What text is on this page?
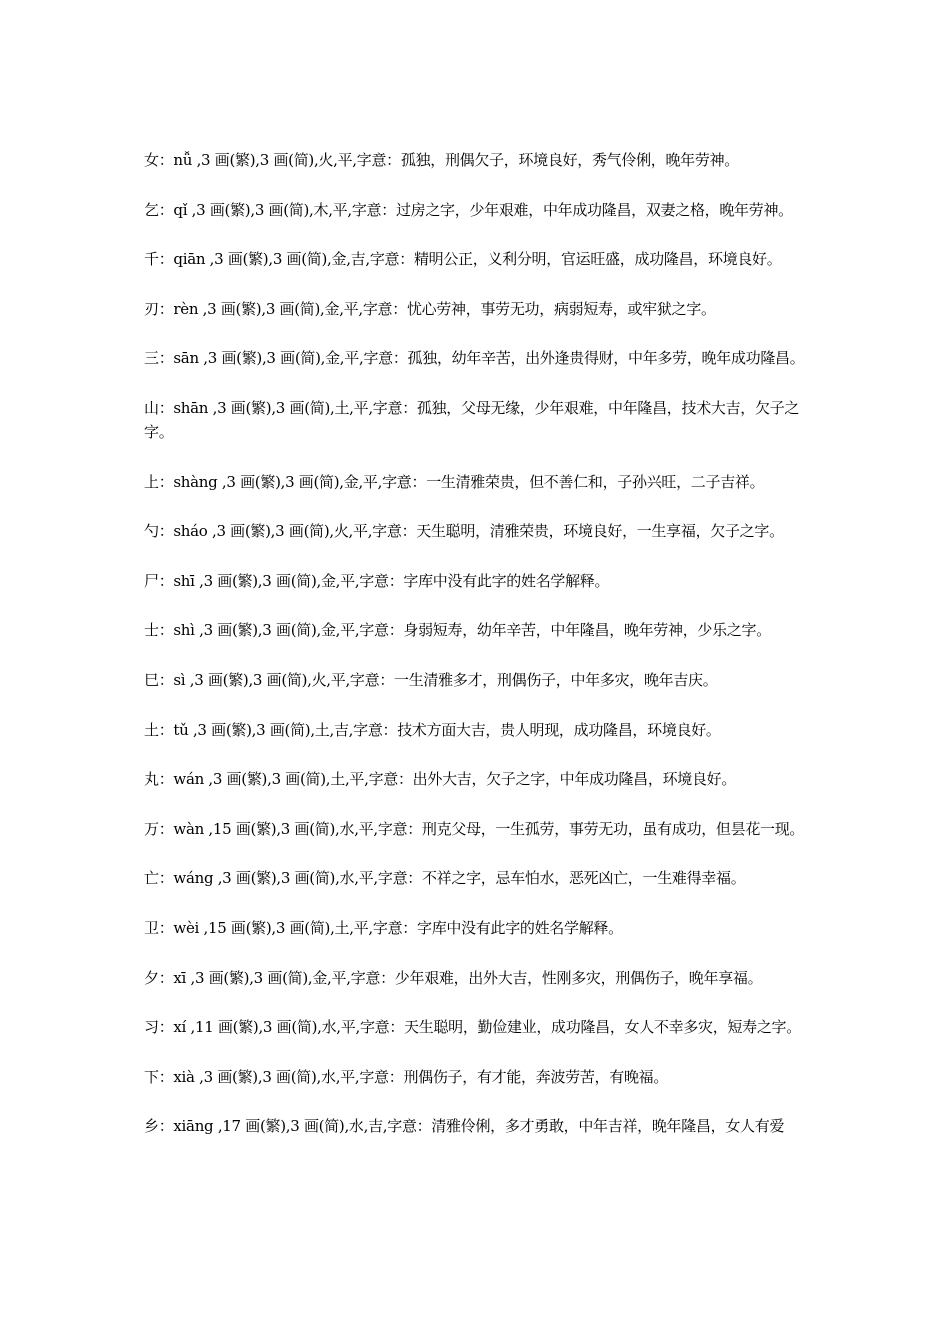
女：nǚ ,3 画(繁),3 画(简),火,平,字意：孤独，刑偶欠子，环境良好，秀气伶俐，晚年劳神。

乞：qǐ ,3 画(繁),3 画(简),木,平,字意：过房之字，少年艰难，中年成功隆昌，双妻之格，晚年劳神。

千：qiān ,3 画(繁),3 画(简),金,吉,字意：精明公正，义利分明，官运旺盛，成功隆昌，环境良好。

刃：rèn ,3 画(繁),3 画(简),金,平,字意：忧心劳神，事劳无功，病弱短寿，或牢狱之字。

三：sān ,3 画(繁),3 画(简),金,平,字意：孤独，幼年辛苦，出外逢贵得财，中年多劳，晚年成功隆昌。

山：shān ,3 画(繁),3 画(简),土,平,字意：孤独，父母无缘，少年艰难，中年隆昌，技术大吉，欠子之字。

上：shàng ,3 画(繁),3 画(简),金,平,字意：一生清雅荣贵，但不善仁和，子孙兴旺，二子吉祥。

勺：sháo ,3 画(繁),3 画(简),火,平,字意：天生聪明，清雅荣贵，环境良好，一生享福，欠子之字。

尸：shī ,3 画(繁),3 画(简),金,平,字意：字库中没有此字的姓名学解释。

士：shì ,3 画(繁),3 画(简),金,平,字意：身弱短寿，幼年辛苦，中年隆昌，晚年劳神，少乐之字。

巳：sì ,3 画(繁),3 画(简),火,平,字意：一生清雅多才，刑偶伤子，中年多灾，晚年吉庆。

土：tǔ ,3 画(繁),3 画(简),土,吉,字意：技术方面大吉，贵人明现，成功隆昌，环境良好。

丸：wán ,3 画(繁),3 画(简),土,平,字意：出外大吉，欠子之字，中年成功隆昌，环境良好。

万：wàn ,15 画(繁),3 画(简),水,平,字意：刑克父母，一生孤劳，事劳无功，虽有成功，但昙花一现。

亡：wáng ,3 画(繁),3 画(简),水,平,字意：不祥之字，忌车怕水，恶死凶亡，一生难得幸福。

卫：wèi ,15 画(繁),3 画(简),土,平,字意：字库中没有此字的姓名学解释。

夕：xī ,3 画(繁),3 画(简),金,平,字意：少年艰难，出外大吉，性刚多灾，刑偶伤子，晚年享福。

习：xí ,11 画(繁),3 画(简),水,平,字意：天生聪明，勤俭建业，成功隆昌，女人不幸多灾，短寿之字。

下：xià ,3 画(繁),3 画(简),水,平,字意：刑偶伤子，有才能，奔波劳苦，有晚福。

乡：xiāng ,17 画(繁),3 画(简),水,吉,字意：清雅伶俐，多才勇敢，中年吉祥，晚年隆昌，女人有爱
